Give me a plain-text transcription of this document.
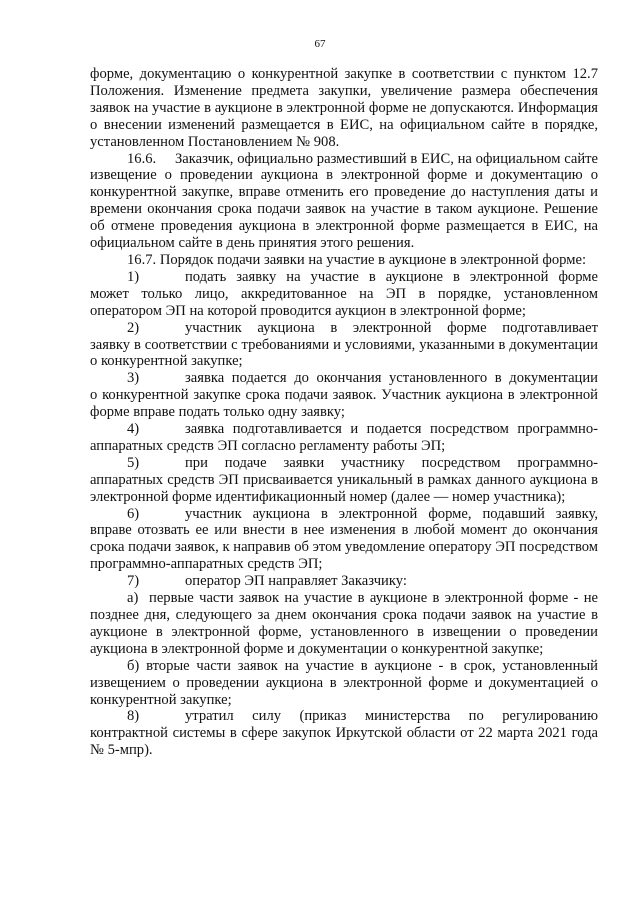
67

форме, документацию о конкурентной закупке в соответствии с пунктом 12.7 Положения. Изменение предмета закупки, увеличение размера обеспечения заявок на участие в аукционе в электронной форме не допускаются. Информация о внесении изменений размещается в ЕИС, на официальном сайте в порядке, установленном Постановлением № 908.

16.6.     Заказчик, официально разместивший в ЕИС, на официальном сайте извещение о проведении аукциона в электронной форме и документацию о конкурентной закупке, вправе отменить его проведение до наступления даты и времени окончания срока подачи заявок на участие в таком аукционе. Решение об отмене проведения аукциона в электронной форме размещается в ЕИС, на официальном сайте в день принятия этого решения.

16.7. Порядок подачи заявки на участие в аукционе в электронной форме:

1)	подать заявку на участие в аукционе в электронной форме

может только лицо, аккредитованное на ЭП в порядке, установленном оператором ЭП на которой проводится аукцион в электронной форме;

2)	участник аукциона в электронной форме подготавливает

заявку в соответствии с требованиями и условиями, указанными в документации о конкурентной закупке;

3)	заявка подается до окончания установленного в документации

о конкурентной закупке срока подачи заявок. Участник аукциона в электронной форме вправе подать только одну заявку;

4)	заявка подготавливается и подается посредством программно-

аппаратных средств ЭП согласно регламенту работы ЭП;

5)	при подаче заявки участнику посредством программно-

аппаратных средств ЭП присваивается уникальный в рамках данного аукциона в электронной форме идентификационный номер (далее — номер участника);

6)	участник аукциона в электронной форме, подавший заявку,

вправе отозвать ее или внести в нее изменения в любой момент до окончания срока подачи заявок, к направив об этом уведомление оператору ЭП посредством программно-аппаратных средств ЭП;

7)	оператор ЭП направляет Заказчику:

а)  первые части заявок на участие в аукционе в электронной форме - не позднее дня, следующего за днем окончания срока подачи заявок на участие в аукционе в электронной форме, установленного в извещении о проведении аукциона в электронной форме и документации о конкурентной закупке;

б) вторые части заявок на участие в аукционе - в срок, установленный извещением о проведении аукциона в электронной форме и документацией о конкурентной закупке;

8)	утратил силу (приказ министерства по регулированию

контрактной системы в сфере закупок Иркутской области от 22 марта 2021 года № 5-мпр).
